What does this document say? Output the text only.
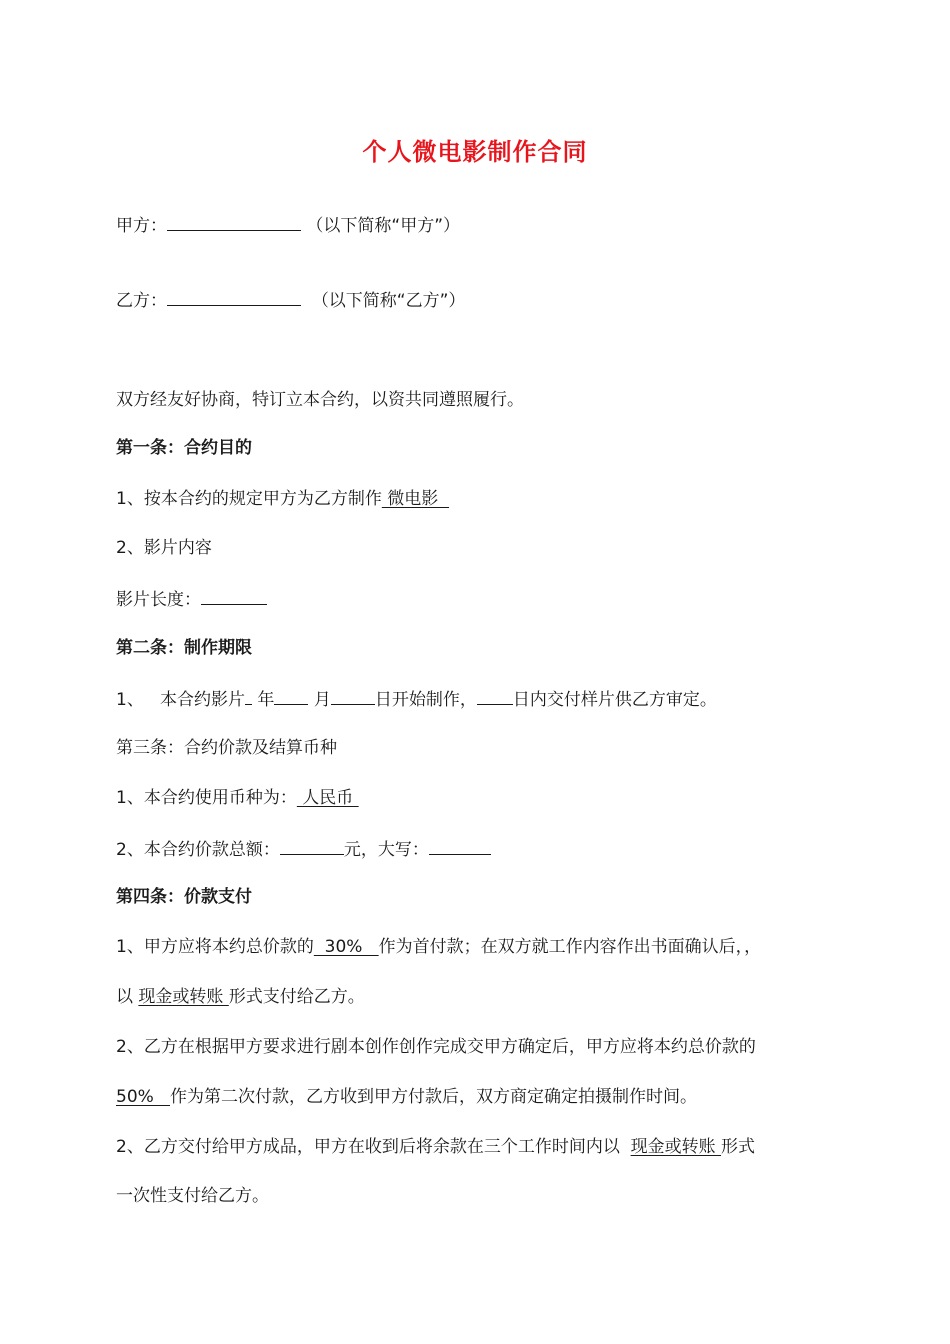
个人微电影制作合同
甲方：	（以下简称“甲方”）
乙方：	（以下简称“乙方”）
双方经友好协商，特订立本合约，以资共同遵照履行。
第一条：合约目的
1、按本合约的规定甲方为乙方制作 微电影
2、影片内容
影片长度：
第二条：制作期限
1、   本合约影片 年 月	日开始制作， 日内交付样片供乙方审定。
第三条：合约价款及结算币种
1、本合约使用币种为： 人民币
2、本合约价款总额：	元，大写：
第四条：价款支付
1、甲方应将本约总价款的  30%   作为首付款；在双方就工作内容作出书面确认后，，
以 现金或转账 形式支付给乙方。
2、乙方在根据甲方要求进行剧本创作创作完成交甲方确定后，甲方应将本约总价款的
50%   作为第二次付款，乙方收到甲方付款后，双方商定确定拍摄制作时间。
2、乙方交付给甲方成品，甲方在收到后将余款在三个工作时间内以  现金或转账 形式
一次性支付给乙方。
